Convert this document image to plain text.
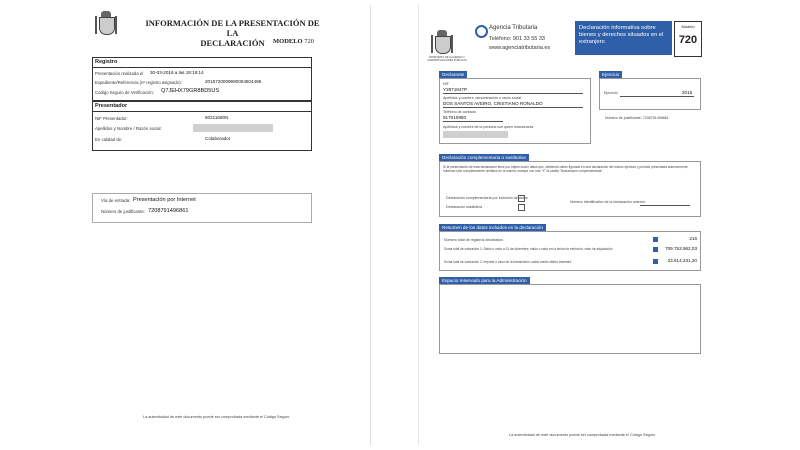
INFORMACIÓN DE LA PRESENTACIÓN DE LA
DECLARACIÓN	MODELO 720
Registro
Presentación realizada el 30-03-2016 a las 19:19:14
Expediente/Referencia (nº registro asignado):	20157200099900045044​96
Código Seguro de Verificación: Q7JEHX79GR8BD5US
Presentador
NIF Presentador:	50211680N
Apellidos y Nombre / Razón social:
En calidad de:	Colaborador
Vía de entrada: Presentación por Internet
Número de justificante: 7208791496861
La autenticidad de este documento puede ser comprobada mediante el Código Seguro
MINISTERIO DE HACIENDA Y ADMINISTRACIONES PÚBLICAS
Agencia Tributaria
Teléfono: 901 33 55 33
www.agenciatributaria.es
Declaración informativa sobre bienes y derechos situados en el extranjero
Modelo
720
Declarante
NIF
Y2871847P
Apellidos y nombre, denominación o razón social
DOS SANTOS AVEIRO, CRISTIANO RONALDO
Teléfono de contacto
917010950
Apellidos y nombre de la persona con quien relacionarse
Ejercicio
Ejercicio	2015
Número de justificante: 7208791496861
Declaración complementaria o sustitutiva
Si la presentación de esta declaración tiene por objeto incluir datos que, debiendo haber figurado en otra declaración del mismo ejercicio y periodo presentada anteriormente, hubieran sido completamente omitidos en la misma, marque con una "X" la casilla "Declaración complementaria".
Declaración complementaria por inclusión de datos
Declaración sustitutiva
Número identificativo de la declaración anterior
Resumen de los datos incluidos en la declaración
Número total de registros declarados	216
Suma total de valoración 1: Saldo o valor a 31 de diciembre; saldo o valor en la fecha de extinción; valor de adquisición	709.753.962,03
Suma total de valoración 2: Importe o valor de la transmisión; saldo medio último trimestre	23.614.231,20
Espacio reservado para la Administración
La autenticidad de este documento puede ser comprobada mediante el Código Seguro
